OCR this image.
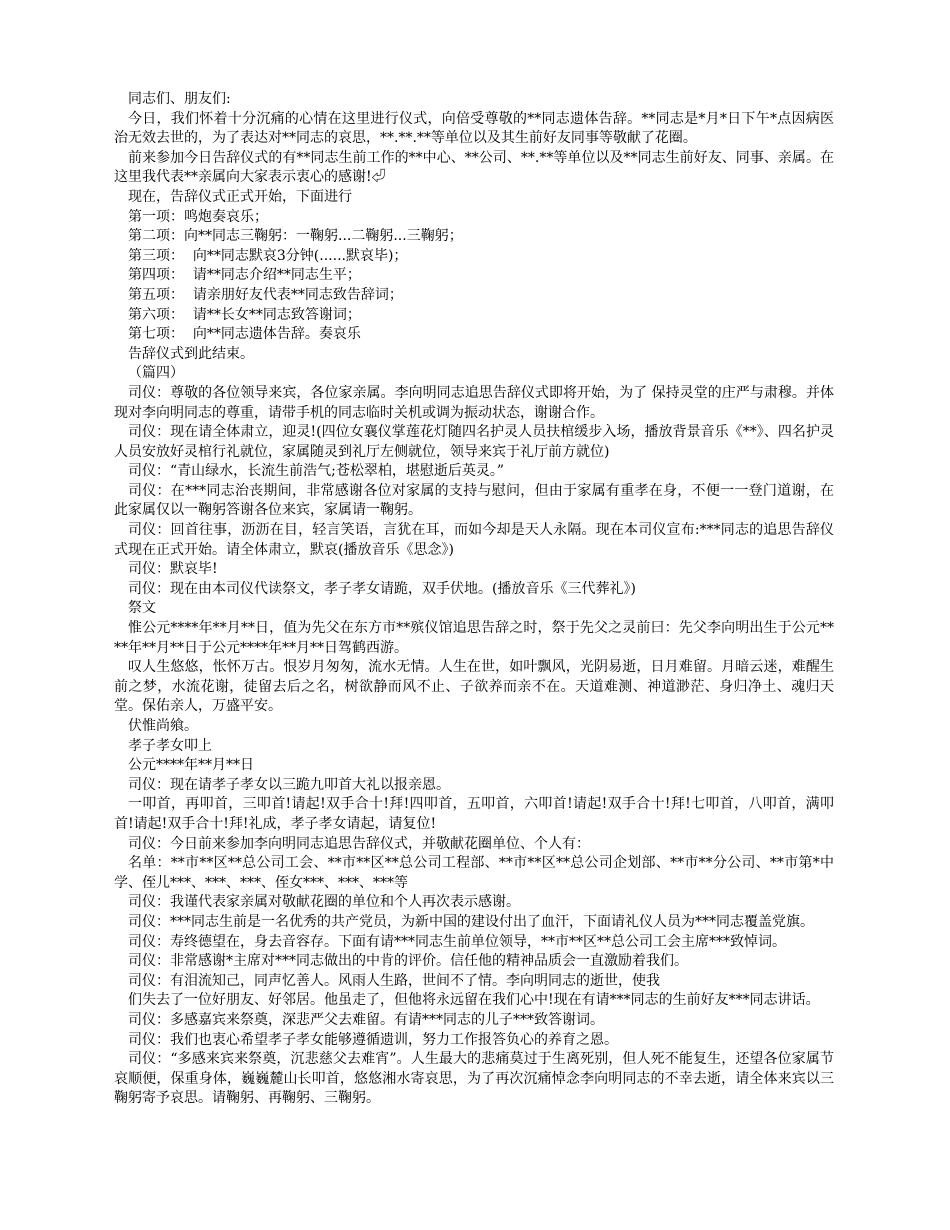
同志们、朋友们:

今日，我们怀着十分沉痛的心情在这里进行仪式，向倍受尊敬的**同志遗体告辞。**同志是*月*日下午*点因病医治无效去世的，为了表达对**同志的哀思，**.**.**等单位以及其生前好友同事等敬献了花圈。

前来参加今日告辞仪式的有**同志生前工作的**中心、**公司、**.**等单位以及**同志生前好友、同事、亲属。在这里我代表**亲属向大家表示衷心的感谢!⏎

现在，告辞仪式正式开始，下面进行

第一项：鸣炮奏哀乐；

第二项：向**同志三鞠躬：一鞠躬...二鞠躬...三鞠躬；

第三项：  向**同志默哀3分钟(......默哀毕)；

第四项：  请**同志介绍**同志生平；

第五项：  请亲朋好友代表**同志致告辞词；

第六项：  请**长女**同志致答谢词；

第七项：  向**同志遗体告辞。奏哀乐

告辞仪式到此结束。

（篇四）

司仪：尊敬的各位领导来宾，各位家亲属。李向明同志追思告辞仪式即将开始，为了 保持灵堂的庄严与肃穆。并体现对李向明同志的尊重，请带手机的同志临时关机或调为振动状态，谢谢合作。

司仪：现在请全体肃立，迎灵!(四位女襄仪掌莲花灯随四名护灵人员扶棺缓步入场，播放背景音乐《**》、四名护灵人员安放好灵棺行礼就位，家属随灵到礼厅左侧就位，领导来宾于礼厅前方就位)

司仪：“青山绿水，长流生前浩气;苍松翠柏，堪慰逝后英灵。”

司仪：在***同志治丧期间，非常感谢各位对家属的支持与慰问，但由于家属有重孝在身，不便一一登门道谢，在此家属仅以一鞠躬答谢各位来宾，家属请一鞠躬。

司仪：回首往事，沥沥在目，轻言笑语，言犹在耳，而如今却是天人永隔。现在本司仪宣布:***同志的追思告辞仪式现在正式开始。请全体肃立，默哀(播放音乐《思念》)

司仪：默哀毕!

司仪：现在由本司仪代读祭文，孝子孝女请跪，双手伏地。(播放音乐《三代葬礼》)

祭文

惟公元****年**月**日，值为先父在东方市**殡仪馆追思告辞之时，祭于先父之灵前曰：先父李向明出生于公元****年**月**日于公元****年**月**日驾鹤西游。

叹人生悠悠，怅怀万古。恨岁月匆匆，流水无情。人生在世，如叶飘风，光阴易逝，日月难留。月暗云迷，难醒生前之梦，水流花谢，徒留去后之名，树欲静而风不止、子欲养而亲不在。天道难测、神道渺茫、身归净土、魂归天堂。保佑亲人，万盛平安。

伏惟尚飨。

孝子孝女叩上

公元****年**月**日

司仪：现在请孝子孝女以三跪九叩首大礼以报亲恩。

一叩首，再叩首，三叩首!请起!双手合十!拜!四叩首，五叩首，六叩首!请起!双手合十!拜!七叩首，八叩首，满叩首!请起!双手合十!拜!礼成，孝子孝女请起，请复位!

司仪：今日前来参加李向明同志追思告辞仪式，并敬献花圈单位、个人有：

名单：**市**区**总公司工会、**市**区**总公司工程部、**市**区**总公司企划部、**市**分公司、**市第*中学、侄儿***、***、***、侄女***、***、***等

司仪：我谨代表家亲属对敬献花圈的单位和个人再次表示感谢。

司仪：***同志生前是一名优秀的共产党员，为新中国的建设付出了血汗，下面请礼仪人员为***同志覆盖党旗。

司仪：寿终德望在，身去音容存。下面有请***同志生前单位领导，**市**区**总公司工会主席***致悼词。

司仪：非常感谢*主席对***同志做出的中肯的评价。信任他的精神品质会一直激励着我们。

司仪：有泪流知己，同声忆善人。风雨人生路，世间不了情。李向明同志的逝世，使我

们失去了一位好朋友、好邻居。他虽走了，但他将永远留在我们心中!现在有请***同志的生前好友***同志讲话。

司仪：多感嘉宾来祭奠，深悲严父去难留。有请***同志的儿子***致答谢词。

司仪：我们也衷心希望孝子孝女能够遵循遗训，努力工作报答负心的养育之恩。

司仪：“多感来宾来祭奠，沉悲慈父去难宵”。人生最大的悲痛莫过于生离死别，但人死不能复生，还望各位家属节哀顺便，保重身体，巍巍麓山长叩首，悠悠湘水寄哀思，为了再次沉痛悼念李向明同志的不幸去逝，请全体来宾以三鞠躬寄予哀思。请鞠躬、再鞠躬、三鞠躬。
